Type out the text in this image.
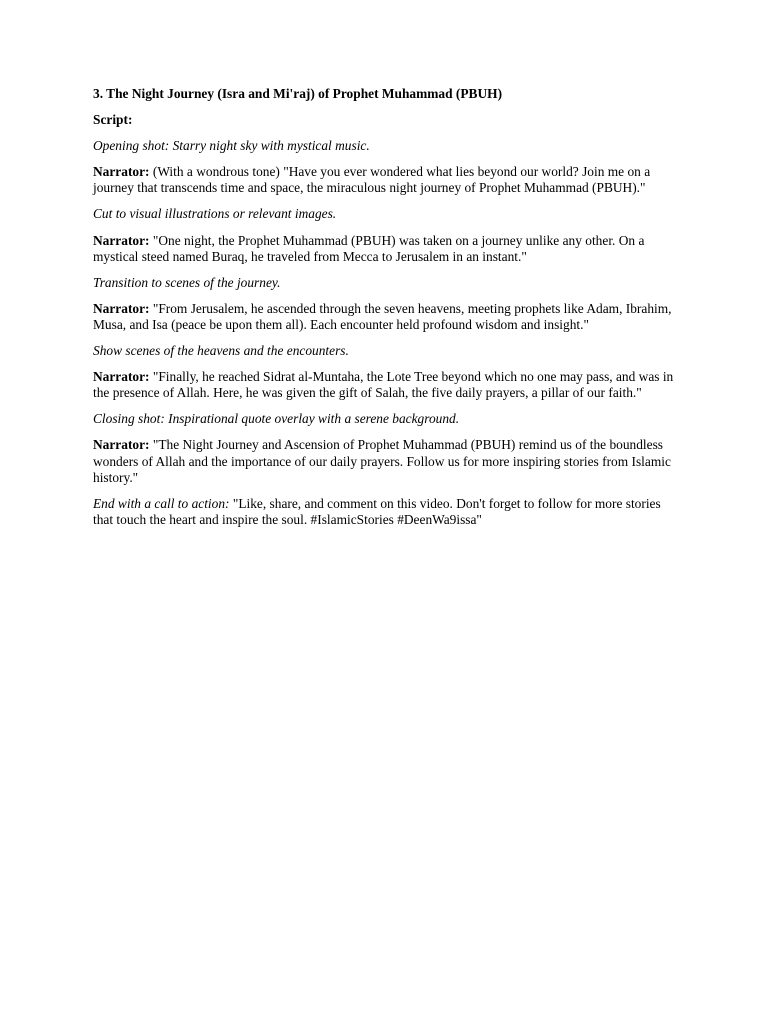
3. The Night Journey (Isra and Mi'raj) of Prophet Muhammad (PBUH)

Script:

Opening shot: Starry night sky with mystical music.

Narrator: (With a wondrous tone) "Have you ever wondered what lies beyond our world? Join me on a journey that transcends time and space, the miraculous night journey of Prophet Muhammad (PBUH)."

Cut to visual illustrations or relevant images.

Narrator: "One night, the Prophet Muhammad (PBUH) was taken on a journey unlike any other. On a mystical steed named Buraq, he traveled from Mecca to Jerusalem in an instant."

Transition to scenes of the journey.

Narrator: "From Jerusalem, he ascended through the seven heavens, meeting prophets like Adam, Ibrahim, Musa, and Isa (peace be upon them all). Each encounter held profound wisdom and insight."

Show scenes of the heavens and the encounters.

Narrator: "Finally, he reached Sidrat al-Muntaha, the Lote Tree beyond which no one may pass, and was in the presence of Allah. Here, he was given the gift of Salah, the five daily prayers, a pillar of our faith."

Closing shot: Inspirational quote overlay with a serene background.

Narrator: "The Night Journey and Ascension of Prophet Muhammad (PBUH) remind us of the boundless wonders of Allah and the importance of our daily prayers. Follow us for more inspiring stories from Islamic history."

End with a call to action: "Like, share, and comment on this video. Don't forget to follow for more stories that touch the heart and inspire the soul. #IslamicStories #DeenWa9issa"
